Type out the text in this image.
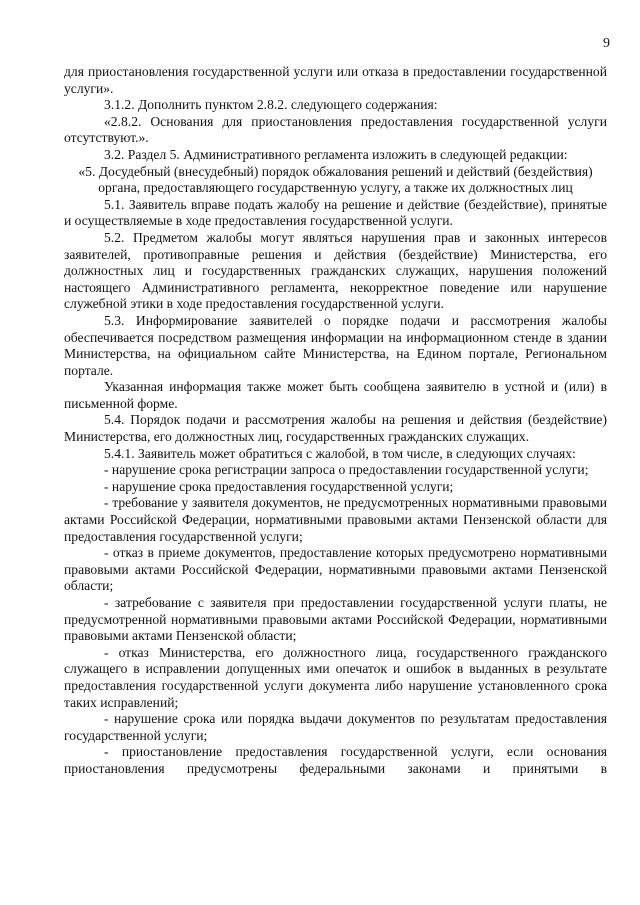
9

для приостановления государственной услуги или отказа в предоставлении государственной услуги».

3.1.2. Дополнить пунктом 2.8.2. следующего содержания:

«2.8.2. Основания для приостановления предоставления государственной услуги отсутствуют.».

3.2. Раздел 5. Административного регламента изложить в следующей редакции:

«5. Досудебный (внесудебный) порядок обжалования решений и действий (бездействия) органа, предоставляющего государственную услугу, а также их должностных лиц

5.1. Заявитель вправе подать жалобу на решение и действие (бездействие), принятые и осуществляемые в ходе предоставления государственной услуги.

5.2. Предметом жалобы могут являться нарушения прав и законных интересов заявителей, противоправные решения и действия (бездействие) Министерства, его должностных лиц и государственных гражданских служащих, нарушения положений настоящего Административного регламента, некорректное поведение или нарушение служебной этики в ходе предоставления государственной услуги.

5.3. Информирование заявителей о порядке подачи и рассмотрения жалобы обеспечивается посредством размещения информации на информационном стенде в здании Министерства, на официальном сайте Министерства, на Едином портале, Региональном портале.

Указанная информация также может быть сообщена заявителю в устной и (или) в письменной форме.

5.4. Порядок подачи и рассмотрения жалобы на решения и действия (бездействие) Министерства, его должностных лиц, государственных гражданских служащих.

5.4.1. Заявитель может обратиться с жалобой, в том числе, в следующих случаях:

- нарушение срока регистрации запроса о предоставлении государственной услуги;

- нарушение срока предоставления государственной услуги;

- требование у заявителя документов, не предусмотренных нормативными правовыми актами Российской Федерации, нормативными правовыми актами Пензенской области для предоставления государственной услуги;

- отказ в приеме документов, предоставление которых предусмотрено нормативными правовыми актами Российской Федерации, нормативными правовыми актами Пензенской области;

- затребование с заявителя при предоставлении государственной услуги платы, не предусмотренной нормативными правовыми актами Российской Федерации, нормативными правовыми актами Пензенской области;

- отказ Министерства, его должностного лица, государственного гражданского служащего в исправлении допущенных ими опечаток и ошибок в выданных в результате предоставления государственной услуги документа либо нарушение установленного срока таких исправлений;

- нарушение срока или порядка выдачи документов по результатам предоставления государственной услуги;

- приостановление предоставления государственной услуги, если основания приостановления предусмотрены федеральными законами и принятыми в
